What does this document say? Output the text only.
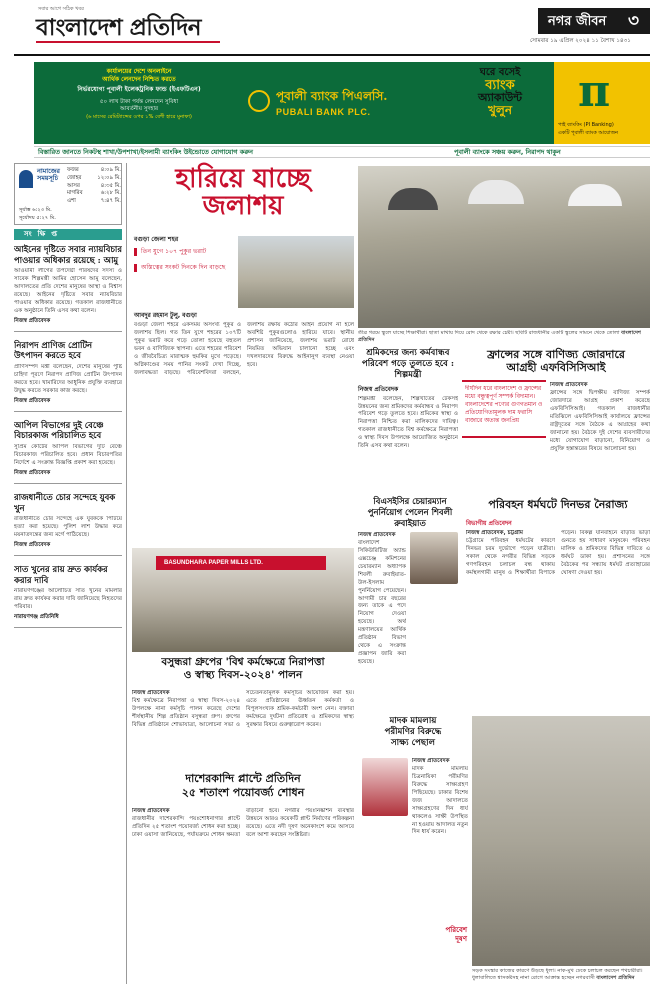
সবার আগে সঠিক খবর
বাংলাদেশ প্রতিদিন	নগর জীবন ৩
সোমবার ১৯ এপ্রিল ২০২৪ ১১ বৈশাখ ১৪৩১
কার্যালয়ের দেশে অনলাইনে
আর্থিক লেনদেন নিশ্চিত করতে
নির্ভরযোগ্য পূবালী ইলেকট্রনিক ফান্ড (ইএফটিএন)
৫০ লাখ টাকা পর্যন্ত লেনদেন সুবিধা
আবর্তনীয় সুদহার
(৬ মাসের রেমিট্যান্সের ওপর ১% বেশী হারে মুনাফা)
পূবালী ব্যাংক পিএলসি.
PUBALI BANK PLC.
ঘরে বসেই
ব্যাংক
অ্যাকাউন্ট
খুলুন	π
পাই ব্যাংকিং (PI Banking)
একটি পূবালী ব্যাংক আয়োজন
বিস্তারিত জানতে নিকটস্থ শাখা/উপশাখা/ইসলামী ব্যাংকিং উইন্ডোতে যোগাযোগ করুন	পূবালী ব্যাংকে সঞ্চয় করুন, নিরাপদ থাকুন
নামাজের সময়সূচি
ফজর	৪:০৯ মি.
জোহর	১২:০৯ মি.
আসর	৪:৩৫ মি.
মাগরিব	৬:২৮ মি.
এশা	৭:৪৭ মি.
সূর্যাস্ত ৬:২৩ মি.
সূর্যোদয় ৫:২৭ মি.
সংক্ষিপ্ত
আইনের দৃষ্টিতে সবার ন্যায়বিচার পাওয়ার অধিকার রয়েছে : আমু
আওয়ামী লীগের উপদেষ্টা পরিষদের সদস্য ও সাবেক শিল্পমন্ত্রী আমির হোসেন আমু বলেছেন, আদালতের প্রতি দেশের মানুষের আস্থা ও বিশ্বাস রয়েছে। আইনের দৃষ্টিতে সবার ন্যায়বিচার পাওয়ার অধিকার রয়েছে। গতকাল রাজধানীতে এক অনুষ্ঠানে তিনি এসব কথা বলেন।
নিজস্ব প্রতিবেদক
নিরাপদ প্রাণিজ প্রোটিন উৎপাদন করতে হবে
প্রাণিসম্পদ মন্ত্রী বলেছেন, দেশের মানুষের পুষ্টি চাহিদা পূরণে নিরাপদ প্রাণিজ প্রোটিন উৎপাদন করতে হবে। খামারিদের আধুনিক প্রযুক্তি ব্যবহারে উদ্বুদ্ধ করতে সরকার কাজ করছে।
নিজস্ব প্রতিবেদক
আপিল বিভাগের দুই বেঞ্চে বিচারকাজ পরিচালিত হবে
সুপ্রিম কোর্টের আপিল বিভাগের দুটি বেঞ্চে বিচারকাজ পরিচালিত হবে। প্রধান বিচারপতির নির্দেশে এ সংক্রান্ত বিজ্ঞপ্তি প্রকাশ করা হয়েছে।
নিজস্ব প্রতিবেদক
রাজধানীতে চোর সন্দেহে যুবক খুন
রাজধানীতে চোর সন্দেহে এক যুবককে পিটিয়ে হত্যা করা হয়েছে। পুলিশ লাশ উদ্ধার করে ময়নাতদন্তের জন্য মর্গে পাঠিয়েছে।
নিজস্ব প্রতিবেদক
সাত খুনের রায় দ্রুত কার্যকর করার দাবি
নারায়ণগঞ্জের আলোচিত সাত খুনের মামলার রায় দ্রুত কার্যকর করার দাবি জানিয়েছে নিহতদের পরিবার।
নারায়ণগঞ্জ প্রতিনিধি
হারিয়ে যাচ্ছে
জলাশয়
বগুড়া জেলা শহর
তিন যুগে ১০৭ পুকুর ভরাট
অস্তিত্বের সংকট দিনকে দিন বাড়ছে
আবদুর রহমান টুলু, বগুড়া
বগুড়া জেলা শহরে একসময় অসংখ্য পুকুর ও জলাশয় ছিল। গত তিন যুগে শহরের ১০৭টি পুকুর ভরাট করে গড়ে তোলা হয়েছে বহুতল ভবন ও বাণিজ্যিক স্থাপনা। এতে শহরের পরিবেশ ও জীববৈচিত্র্য মারাত্মক হুমকির মুখে পড়েছে। অগ্নিকাণ্ডের সময় পানির সংকট দেখা দিচ্ছে, জলাবদ্ধতা বাড়ছে। পরিবেশবিদরা বলছেন, জলাশয় রক্ষায় কঠোর আইন প্রয়োগ না হলে অবশিষ্ট পুকুরগুলোও হারিয়ে যাবে। স্থানীয় প্রশাসন জানিয়েছে, জলাশয় ভরাট রোধে নিয়মিত অভিযান চালানো হচ্ছে এবং দখলদারদের বিরুদ্ধে আইনানুগ ব্যবস্থা নেওয়া হবে।
তীব্র গরমে স্কুলে যাচ্ছে শিক্ষার্থীরা। ছাতা মাথায় দিয়ে রোদ থেকে রক্ষার চেষ্টা। ছবিটি রাজধানীর একটি স্কুলের সামনে থেকে তোলা বাংলাদেশ প্রতিদিন
শ্রমিকদের জন্য কর্মবান্ধব পরিবেশ গড়ে তুলতে হবে : শিল্পমন্ত্রী
নিজস্ব প্রতিবেদক
শিল্পমন্ত্রী বলেছেন, শিল্পখাতের টেকসই উন্নয়নের জন্য শ্রমিকদের কর্মবান্ধব ও নিরাপদ পরিবেশ গড়ে তুলতে হবে। শ্রমিকের স্বাস্থ্য ও নিরাপত্তা নিশ্চিত করা মালিকদের দায়িত্ব। গতকাল রাজধানীতে বিশ্ব কর্মক্ষেত্রে নিরাপত্তা ও স্বাস্থ্য দিবস উপলক্ষে আয়োজিত অনুষ্ঠানে তিনি এসব কথা বলেন।
ফ্রান্সের সঙ্গে বাণিজ্য জোরদারে
আগ্রহী এফবিসিসিআই
দীর্ঘদিন ধরে বাংলাদেশ ও ফ্রান্সের মধ্যে বন্ধুত্বপূর্ণ সম্পর্ক বিদ্যমান। বাংলাদেশের পণ্যের গুণগতমান ও প্রতিযোগিতামূলক দাম ফরাসি বাজারে অত্যন্ত জনপ্রিয়
নিজস্ব প্রতিবেদক
ফ্রান্সের সঙ্গে দ্বিপক্ষীয় বাণিজ্য সম্পর্ক জোরদারে আগ্রহ প্রকাশ করেছে এফবিসিসিআই। গতকাল রাজধানীর মতিঝিলে এফবিসিসিআই কার্যালয়ে ফ্রান্সের রাষ্ট্রদূতের সঙ্গে বৈঠকে এ আগ্রহের কথা জানানো হয়। বৈঠকে দুই দেশের ব্যবসায়ীদের মধ্যে যোগাযোগ বাড়ানো, বিনিয়োগ ও প্রযুক্তি হস্তান্তরের বিষয়ে আলোচনা হয়।
বিএসইসির চেয়ারম্যান পুনর্নিয়োগ পেলেন শিবলী রুবাইয়াত
নিজস্ব প্রতিবেদক
বাংলাদেশ সিকিউরিটিজ অ্যান্ড এক্সচেঞ্জ কমিশনের চেয়ারম্যান অধ্যাপক শিবলী রুবাইয়াত-উল-ইসলাম পুনর্নিয়োগ পেয়েছেন। আগামী চার বছরের জন্য তাকে এ পদে নিয়োগ দেওয়া হয়েছে। অর্থ মন্ত্রণালয়ের আর্থিক প্রতিষ্ঠান বিভাগ থেকে এ সংক্রান্ত প্রজ্ঞাপন জারি করা হয়েছে।
পরিবহন ধর্মঘটে দিনভর নৈরাজ্য
বিভাগীয় প্রতিবেদন
নিজস্ব প্রতিবেদক, চট্টগ্রাম
চট্টগ্রামে পরিবহন ধর্মঘটের কারণে দিনভর চরম দুর্ভোগে পড়েন যাত্রীরা। সকাল থেকে নগরীর বিভিন্ন সড়কে গণপরিবহন চলাচল বন্ধ থাকায় কর্মস্থলগামী মানুষ ও শিক্ষার্থীরা বিপাকে পড়েন। বিকল্প যানবাহনে বাড়তি ভাড়া গুনতে হয় সাধারণ মানুষকে। পরিবহন মালিক ও শ্রমিকদের বিভিন্ন দাবিতে এ ধর্মঘট ডাকা হয়। প্রশাসনের সঙ্গে বৈঠকের পর সন্ধ্যায় ধর্মঘট প্রত্যাহারের ঘোষণা দেওয়া হয়।
BASUNDHARA PAPER MILLS LTD.
বসুন্ধরা গ্রুপের 'বিশ্ব কর্মক্ষেত্রে নিরাপত্তা
ও স্বাস্থ্য দিবস-২০২৪' পালন
নিজস্ব প্রতিবেদক
বিশ্ব কর্মক্ষেত্রে নিরাপত্তা ও স্বাস্থ্য দিবস-২০২৪ উপলক্ষে নানা কর্মসূচি পালন করেছে দেশের শীর্ষস্থানীয় শিল্প প্রতিষ্ঠান বসুন্ধরা গ্রুপ। গ্রুপের বিভিন্ন প্রতিষ্ঠানে শোভাযাত্রা, আলোচনা সভা ও সচেতনতামূলক কর্মসূচির আয়োজন করা হয়। এতে প্রতিষ্ঠানের ঊর্ধ্বতন কর্মকর্তা ও বিপুলসংখ্যক শ্রমিক-কর্মচারী অংশ নেন। বক্তারা কর্মক্ষেত্রে দুর্ঘটনা প্রতিরোধ ও শ্রমিকদের স্বাস্থ্য সুরক্ষার বিষয়ে গুরুত্বারোপ করেন।
দাশেরকান্দি প্লান্টে প্রতিদিন
২৫ শতাংশ পয়োবর্জ্য শোধন
নিজস্ব প্রতিবেদক
রাজধানীর দাশেরকান্দি পয়ঃশোধনাগার প্লান্টে প্রতিদিন ২৫ শতাংশ পয়োবর্জ্য শোধন করা হচ্ছে। ঢাকা ওয়াসা জানিয়েছে, পর্যায়ক্রমে শোধন ক্ষমতা বাড়ানো হবে। নগরীর পয়ঃনিষ্কাশন ব্যবস্থার উন্নয়নে আরও কয়েকটি প্লান্ট নির্মাণের পরিকল্পনা রয়েছে। এতে নদী দূষণ অনেকাংশে কমে আসবে বলে আশা করছেন সংশ্লিষ্টরা।
মাদক মামলায়
পরীমণির বিরুদ্ধে
সাক্ষ্য পেছাল
নিজস্ব প্রতিবেদক
মাদক মামলায় চিত্রনায়িকা পরীমণির বিরুদ্ধে সাক্ষ্যগ্রহণ পিছিয়েছে। ঢাকার বিশেষ জজ আদালতে সাক্ষ্যগ্রহণের দিন ধার্য থাকলেও সাক্ষী উপস্থিত না হওয়ায় আদালত নতুন দিন ধার্য করেন।
পরিবেশ
দূষণ
সড়ক সংস্কার কাজের কারণে উড়ছে ধুলা। নাক-মুখ ঢেকে চলাচল করছেন পথচারীরা। ধুলাবালিতে শ্বাসকষ্টসহ নানা রোগে আক্রান্ত হচ্ছেন নগরবাসী বাংলাদেশ প্রতিদিন
